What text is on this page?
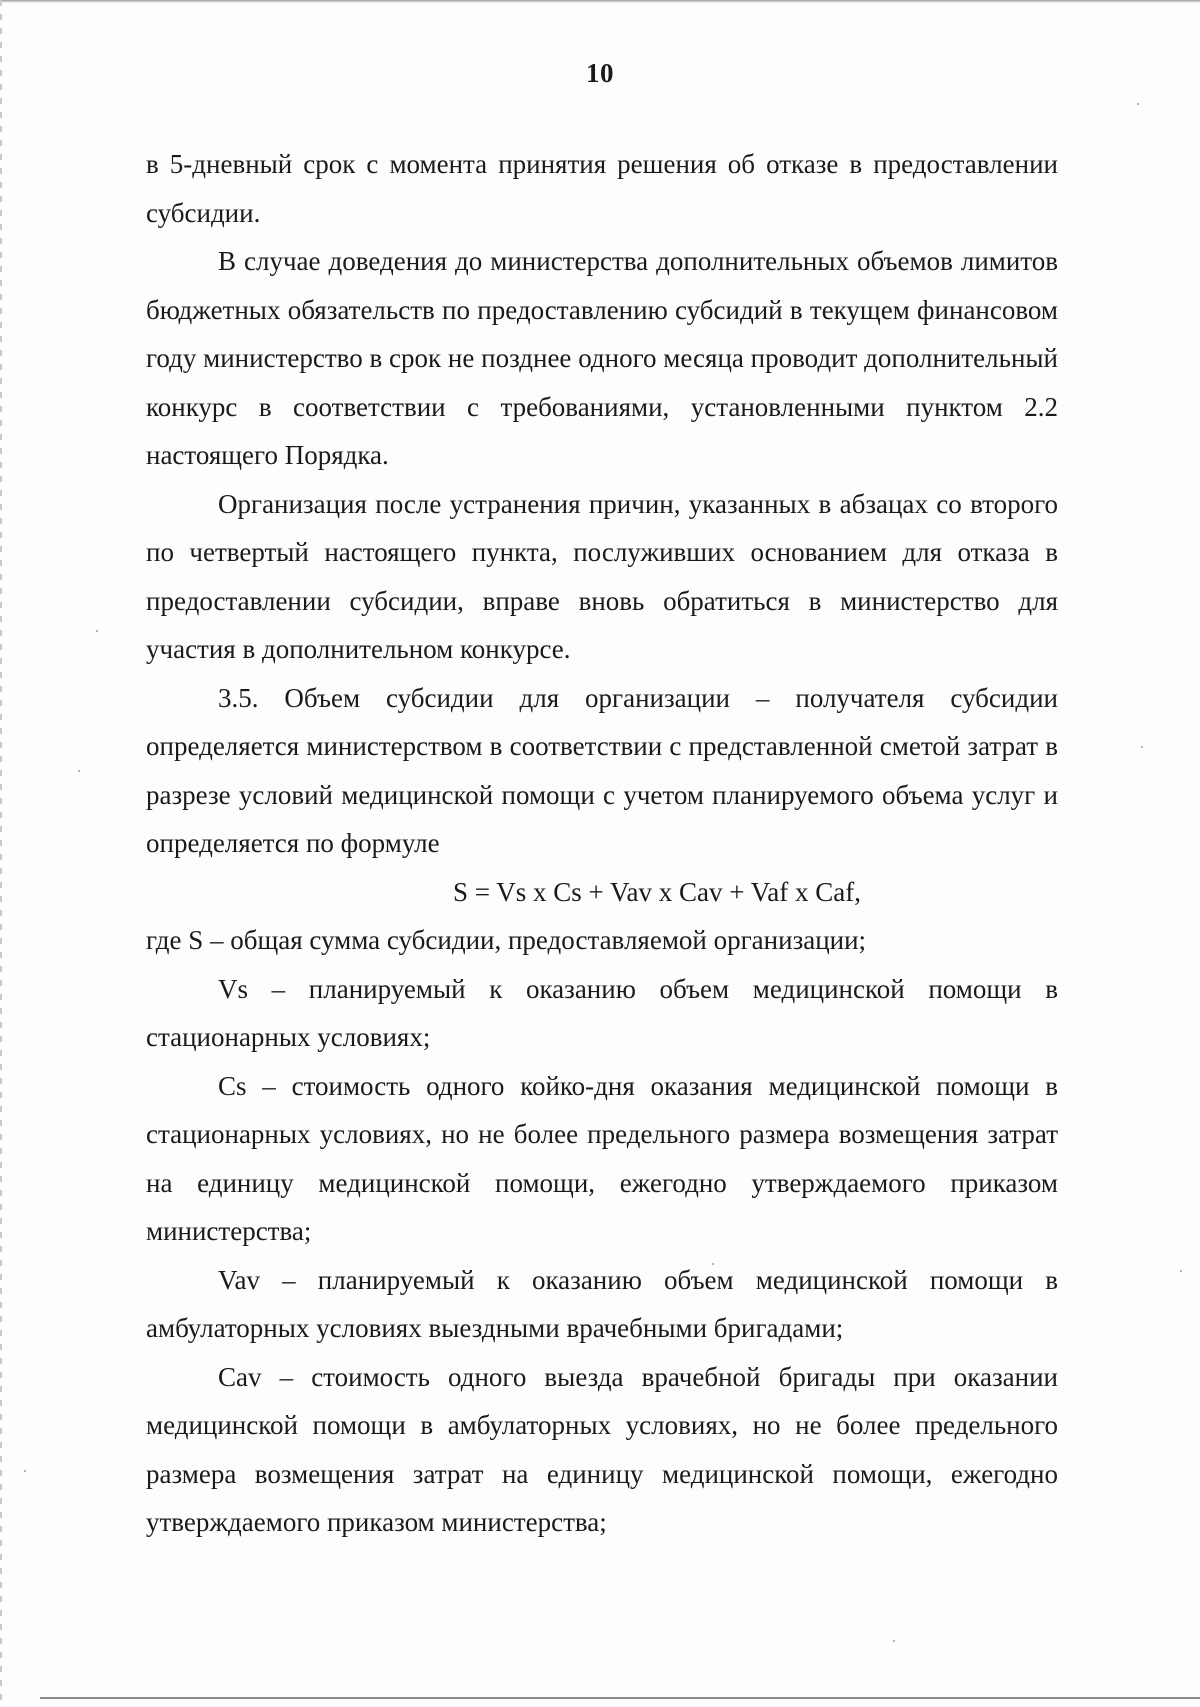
10

в 5-дневный срок с момента принятия решения об отказе в предоставлении субсидии.

В случае доведения до министерства дополнительных объемов лимитов бюджетных обязательств по предоставлению субсидий в текущем финансовом году министерство в срок не позднее одного месяца проводит дополнительный конкурс в соответствии с требованиями, установленными пунктом 2.2 настоящего Порядка.

Организация после устранения причин, указанных в абзацах со второго по четвертый настоящего пункта, послуживших основанием для отказа в предоставлении субсидии, вправе вновь обратиться в министерство для участия в дополнительном конкурсе.

3.5. Объем субсидии для организации – получателя субсидии определяется министерством в соответствии с представленной сметой затрат в разрезе условий медицинской помощи с учетом планируемого объема услуг и определяется по формуле

S = Vs x Cs + Vav x Cav + Vaf x Caf,

где S – общая сумма субсидии, предоставляемой организации;

Vs – планируемый к оказанию объем медицинской помощи в стационарных условиях;

Cs – стоимость одного койко-дня оказания медицинской помощи в стационарных условиях, но не более предельного размера возмещения затрат на единицу медицинской помощи, ежегодно утверждаемого приказом министерства;

Vav – планируемый к оказанию объем медицинской помощи в амбулаторных условиях выездными врачебными бригадами;

Cav – стоимость одного выезда врачебной бригады при оказании медицинской помощи в амбулаторных условиях, но не более предельного размера возмещения затрат на единицу медицинской помощи, ежегодно утверждаемого приказом министерства;
